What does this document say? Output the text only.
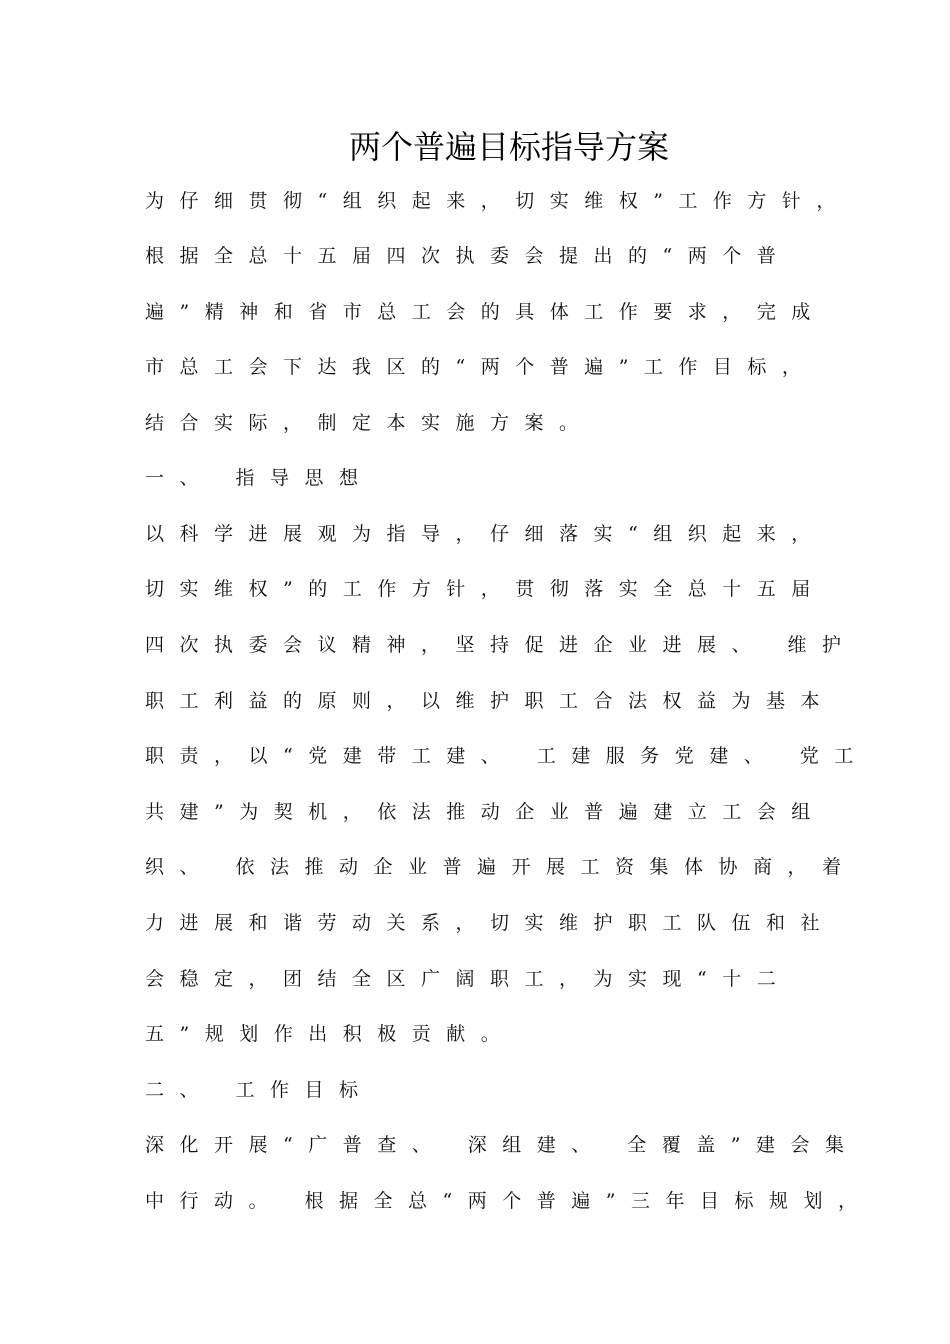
两个普遍目标指导方案
为仔细贯彻“组织起来，切实维权”工作方针，
根据全总十五届四次执委会提出的“两个普
遍”精神和省市总工会的具体工作要求，完成
市总工会下达我区的“两个普遍”工作目标，
结合实际，制定本实施方案。
一、 指导思想
以科学进展观为指导，仔细落实“组织起来，
切实维权”的工作方针，贯彻落实全总十五届
四次执委会议精神，坚持促进企业进展、 维护
职工利益的原则，以维护职工合法权益为基本
职责，以“党建带工建、 工建服务党建、 党工
共建”为契机，依法推动企业普遍建立工会组
织、 依法推动企业普遍开展工资集体协商，着
力进展和谐劳动关系，切实维护职工队伍和社
会稳定，团结全区广阔职工，为实现“十二
五”规划作出积极贡献。
二、 工作目标
深化开展“广普查、 深组建、 全覆盖”建会集
中行动。 根据全总“两个普遍”三年目标规划，
